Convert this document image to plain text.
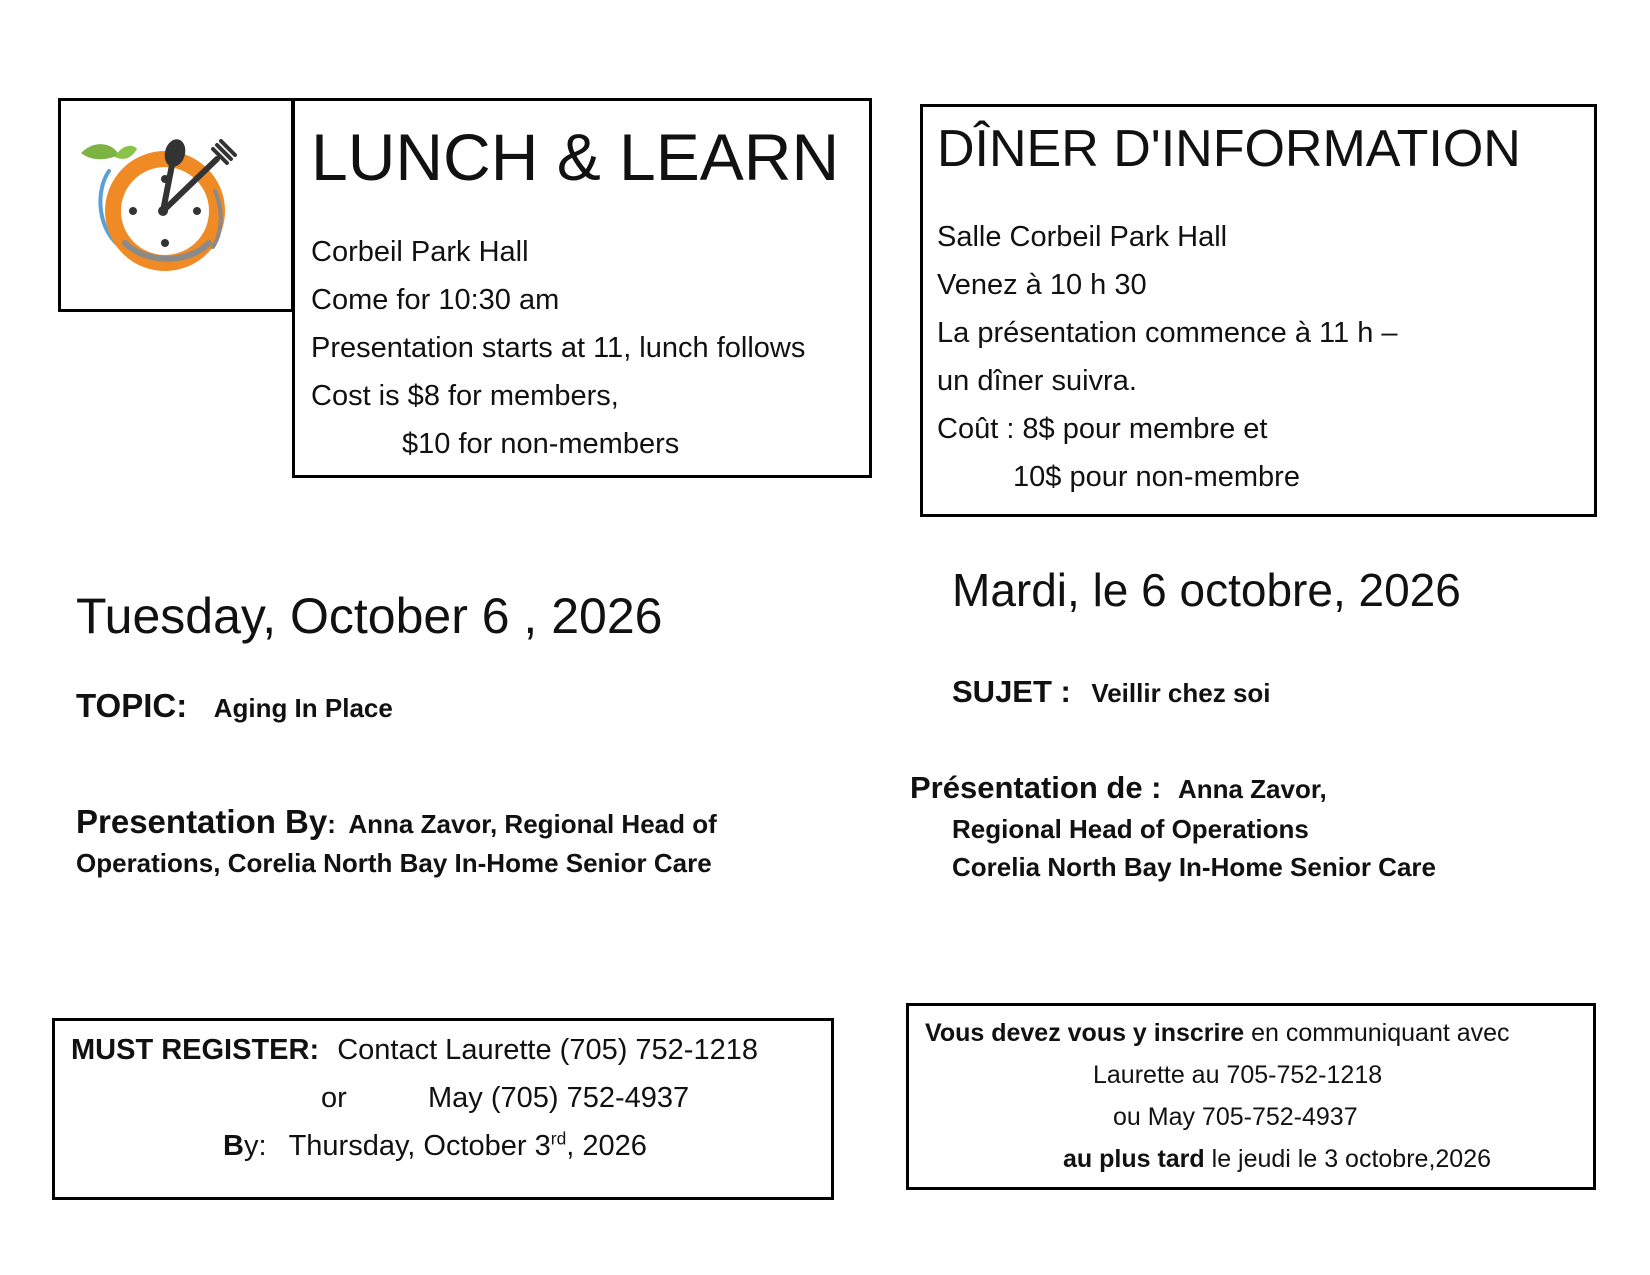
LUNCH & LEARN
Corbeil Park Hall
Come for 10:30 am
Presentation starts at 11, lunch follows
Cost is $8 for members,
$10 for non-members
DÎNER D'INFORMATION
Salle Corbeil Park Hall
Venez à 10 h 30
La présentation commence à 11 h –
un dîner suivra.
Coût : 8$ pour membre et
10$ pour non-membre
Tuesday, October 6 , 2026
TOPIC: Aging In Place
Presentation By: Anna Zavor, Regional Head of
Operations, Corelia North Bay In-Home Senior Care
Mardi, le 6 octobre, 2026
SUJET : Veillir chez soi
Présentation de : Anna Zavor,
Regional Head of Operations
Corelia North Bay In-Home Senior Care
MUST REGISTER: Contact Laurette (705) 752-1218
or	May (705) 752-4937
By: Thursday, October 3rd, 2026
Vous devez vous y inscrire en communiquant avec
Laurette au 705-752-1218
ou May 705-752-4937
au plus tard le jeudi le 3 octobre,2026
